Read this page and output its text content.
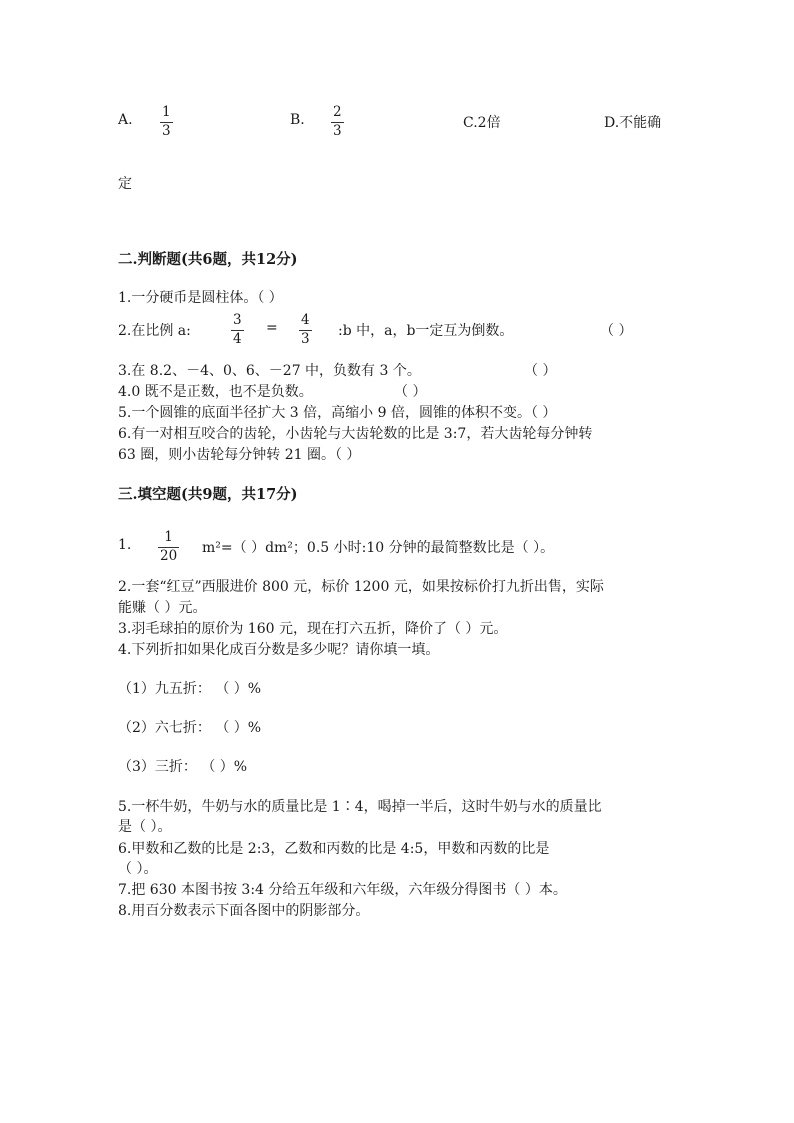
A. 1
3
B. 2
3	C.2倍	D.不能确
定
二.判断题(共6题，共12分)
1.一分硬币是圆柱体。（ ）
2.在比例 a:
3
4
= 4
3 :b 中，a，b一定互为倒数。	（ ）
3.在 8.2、－4、0、6、－27 中，负数有 3 个。	（ ）
4.0 既不是正数，也不是负数。	（ ）
5.一个圆锥的底面半径扩大 3 倍，高缩小 9 倍，圆锥的体积不变。（ ）
6.有一对相互咬合的齿轮，小齿轮与大齿轮数的比是 3:7，若大齿轮每分钟转
63 圈，则小齿轮每分钟转 21 圈。（ ）
三.填空题(共9题，共17分)
1. 1
20 m²=（ ）dm²；0.5 小时:10 分钟的最简整数比是（ ）。
2.一套“红豆”西服进价 800 元，标价 1200 元，如果按标价打九折出售，实际
能赚（ ）元。
3.羽毛球拍的原价为 160 元，现在打六五折，降价了（ ）元。
4.下列折扣如果化成百分数是多少呢？请你填一填。
（1）九五折： （ ）%
（2）六七折： （ ）%
（3）三折： （ ）%
5.一杯牛奶，牛奶与水的质量比是 1∶4，喝掉一半后，这时牛奶与水的质量比
是（ ）。
6.甲数和乙数的比是 2:3，乙数和丙数的比是 4:5，甲数和丙数的比是
（ ）。
7.把 630 本图书按 3:4 分给五年级和六年级，六年级分得图书（ ）本。
8.用百分数表示下面各图中的阴影部分。
